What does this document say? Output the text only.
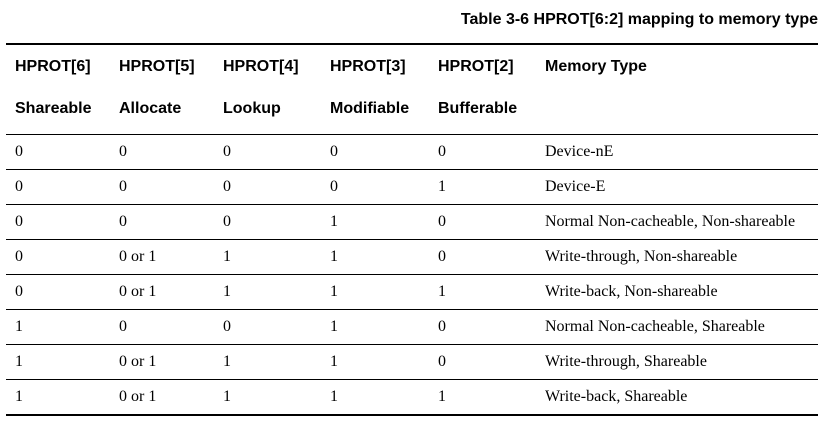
Table 3-6 HPROT[6:2] mapping to memory type
HPROT[6]	HPROT[5]	HPROT[4]	HPROT[3]	HPROT[2]	Memory Type
Shareable	Allocate	Lookup	Modifiable	Bufferable	
0	0	0	0	0	Device-nE
0	0	0	0	1	Device-E
0	0	0	1	0	Normal Non-cacheable, Non-shareable
0	0 or 1	1	1	0	Write-through, Non-shareable
0	0 or 1	1	1	1	Write-back, Non-shareable
1	0	0	1	0	Normal Non-cacheable, Shareable
1	0 or 1	1	1	0	Write-through, Shareable
1	0 or 1	1	1	1	Write-back, Shareable
